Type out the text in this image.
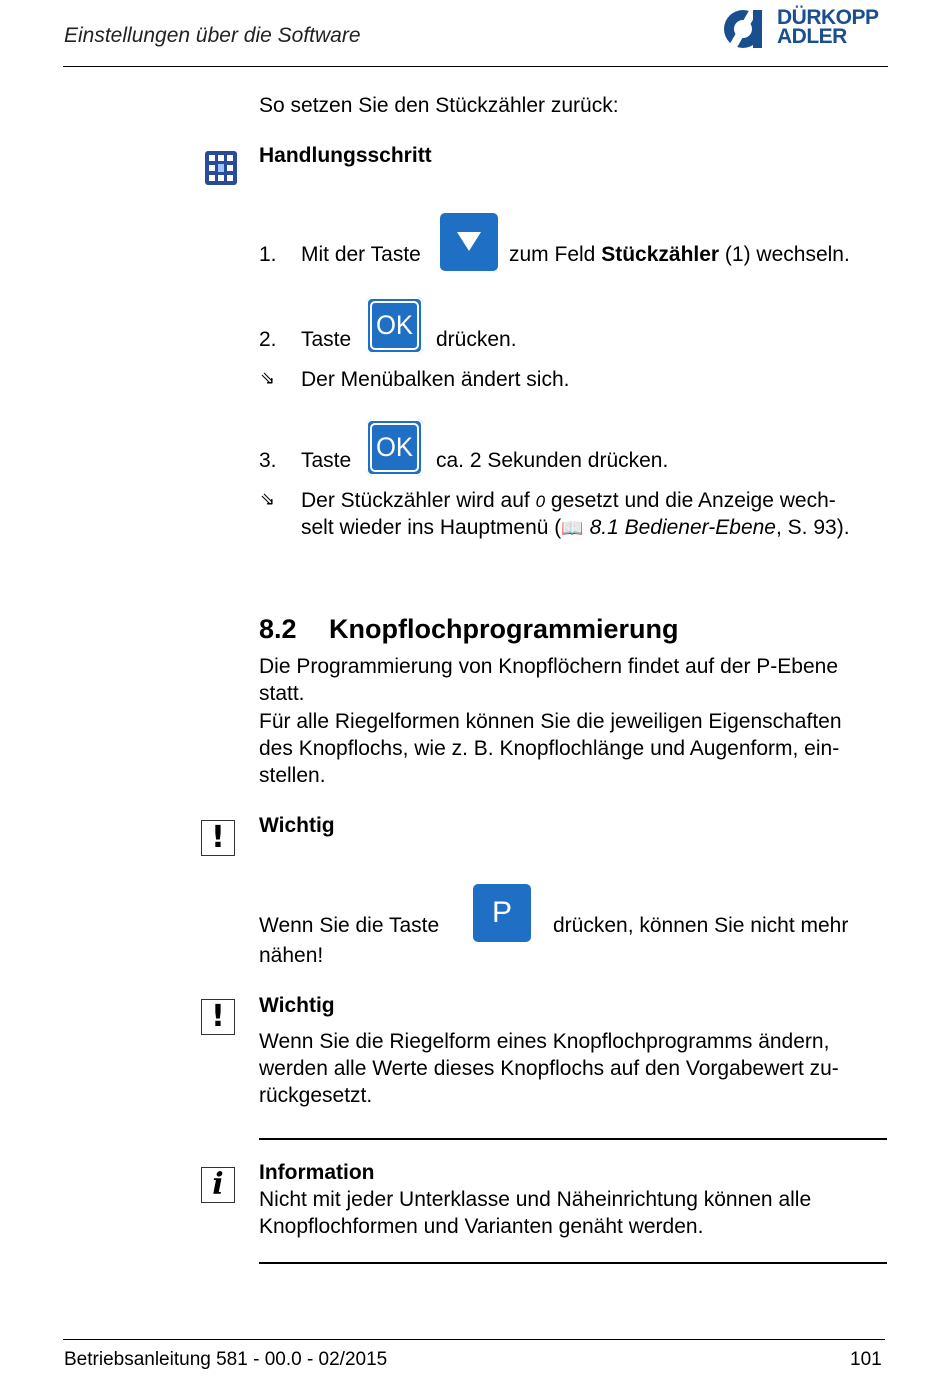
Einstellungen über die Software
DÜRKOPP
ADLER
So setzen Sie den Stückzähler zurück:
Handlungsschritt
1. Mit der Taste	zum Feld Stückzähler (1) wechseln.
2. Taste OK drücken.
⇘ Der Menübalken ändert sich.
3. Taste OK ca. 2 Sekunden drücken.
⇘ Der Stückzähler wird auf 0 gesetzt und die Anzeige wech-
selt wieder ins Hauptmenü (📖 8.1 Bediener-Ebene, S. 93).
8.2 Knopflochprogrammierung
Die Programmierung von Knopflöchern findet auf der P-Ebene
statt.
Für alle Riegelformen können Sie die jeweiligen Eigenschaften
des Knopflochs, wie z. B. Knopflochlänge und Augenform, ein-
stellen.
! Wichtig
Wenn Sie die Taste P drücken, können Sie nicht mehr
nähen!
! Wichtig
Wenn Sie die Riegelform eines Knopflochprogramms ändern,
werden alle Werte dieses Knopflochs auf den Vorgabewert zu-
rückgesetzt.
i Information
Nicht mit jeder Unterklasse und Näheinrichtung können alle
Knopflochformen und Varianten genäht werden.
Betriebsanleitung 581 - 00.0 - 02/2015	101
